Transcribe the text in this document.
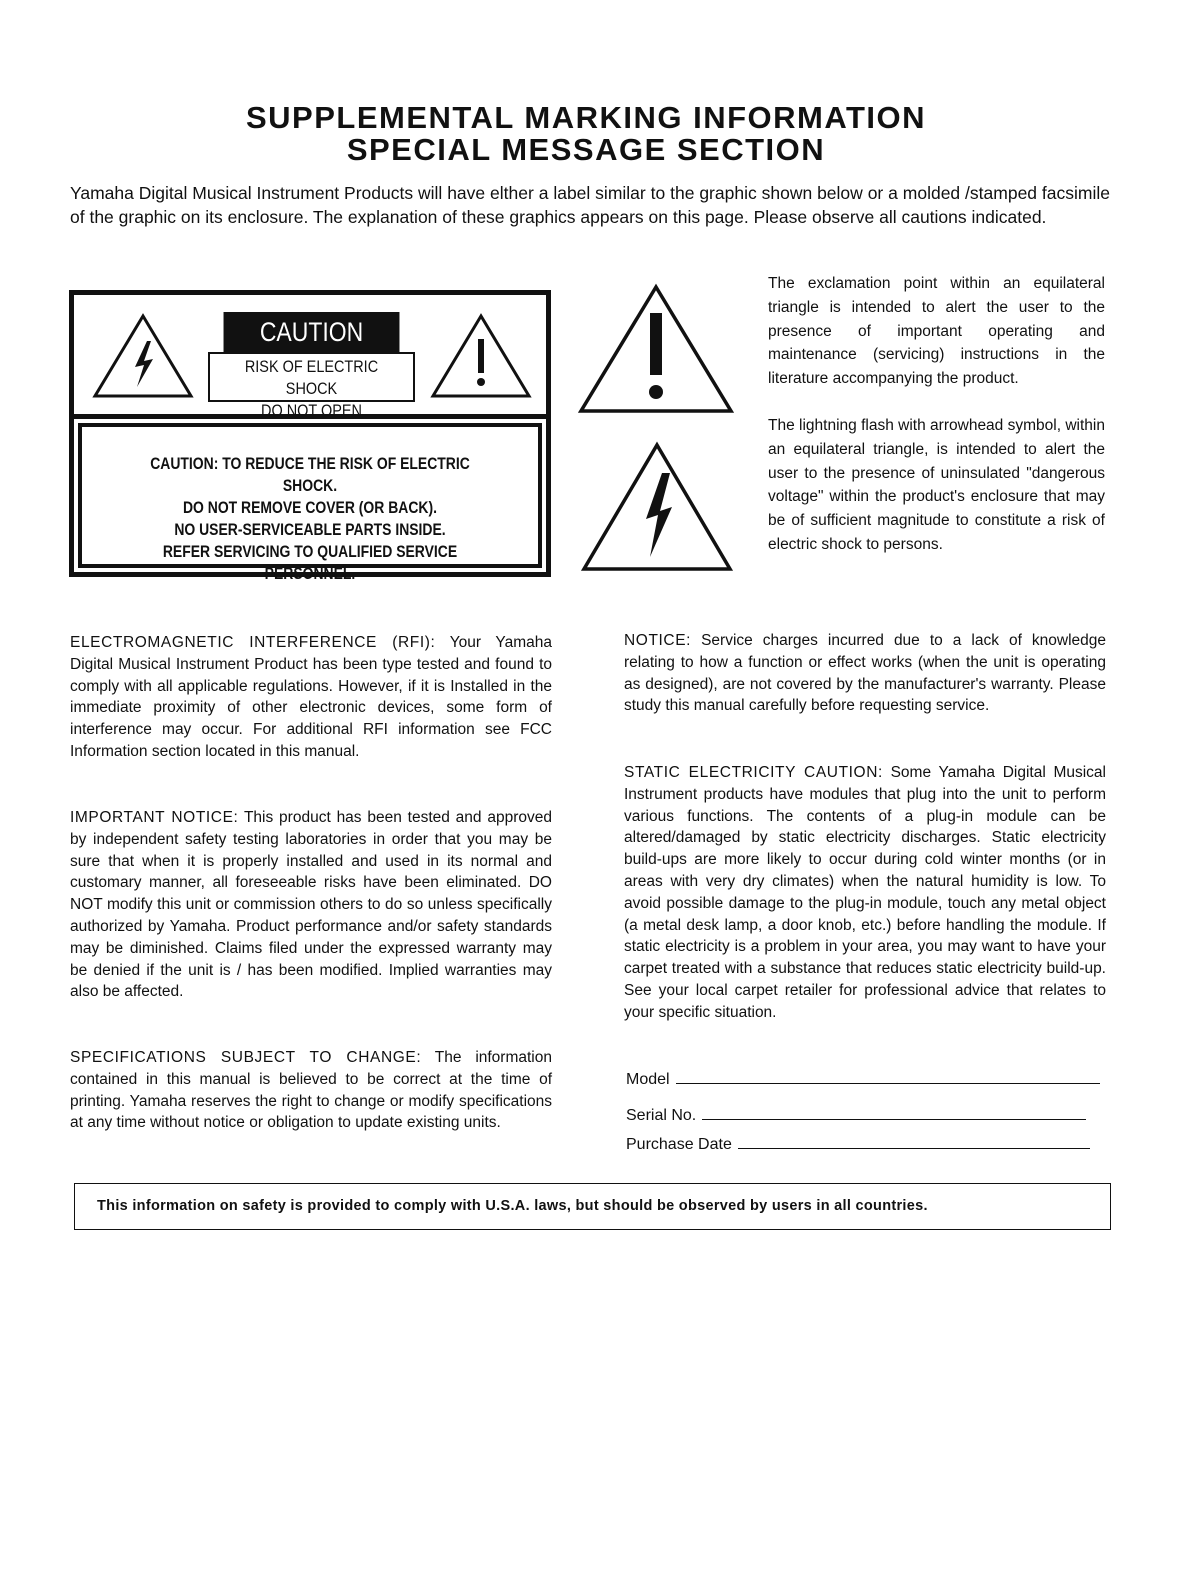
SUPPLEMENTAL MARKING INFORMATION
SPECIAL MESSAGE SECTION
Yamaha Digital Musical Instrument Products will have elther a label similar to the graphic shown below or a molded /stamped facsimile of the graphic on its enclosure. The explanation of these graphics appears on this page. Please observe all cautions indicated.
CAUTION
RISK OF ELECTRIC SHOCK
DO NOT OPEN
CAUTION: TO REDUCE THE RISK OF ELECTRIC SHOCK.
DO NOT REMOVE COVER (OR BACK).
NO USER-SERVICEABLE PARTS INSIDE.
REFER SERVICING TO QUALIFIED SERVICE PERSONNEL.

The exclamation point within an equilateral triangle is intended to alert the user to the presence of important operating and maintenance (servicing) instructions in the literature accompanying the product.

The lightning flash with arrowhead symbol, within an equilateral triangle, is intended to alert the user to the presence of uninsulated "dangerous voltage" within the product's enclosure that may be of sufficient magnitude to constitute a risk of electric shock to persons.

ELECTROMAGNETIC INTERFERENCE (RFI): Your Yamaha Digital Musical Instrument Product has been type tested and found to comply with all applicable regulations. However, if it is Installed in the immediate proximity of other electronic devices, some form of interference may occur. For additional RFI information see FCC Information section located in this manual.

IMPORTANT NOTICE: This product has been tested and approved by independent safety testing laboratories in order that you may be sure that when it is properly installed and used in its normal and customary manner, all foreseeable risks have been eliminated. DO NOT modify this unit or commission others to do so unless specifically authorized by Yamaha. Product performance and/or safety standards may be diminished. Claims filed under the expressed warranty may be denied if the unit is / has been modified. Implied warranties may also be affected.

SPECIFICATIONS SUBJECT TO CHANGE: The information contained in this manual is believed to be correct at the time of printing. Yamaha reserves the right to change or modify specifications at any time without notice or obligation to update existing units.

NOTICE: Service charges incurred due to a lack of knowledge relating to how a function or effect works (when the unit is operating as designed), are not covered by the manufacturer's warranty. Please study this manual carefully before requesting service.

STATIC ELECTRICITY CAUTION: Some Yamaha Digital Musical Instrument products have modules that plug into the unit to perform various functions. The contents of a plug-in module can be altered/damaged by static electricity discharges. Static electricity build-ups are more likely to occur during cold winter months (or in areas with very dry climates) when the natural humidity is low. To avoid possible damage to the plug-in module, touch any metal object (a metal desk lamp, a door knob, etc.) before handling the module. If static electricity is a problem in your area, you may want to have your carpet treated with a substance that reduces static electricity build-up. See your local carpet retailer for professional advice that relates to your specific situation.

Model
Serial No.
Purchase Date
This information on safety is provided to comply with U.S.A. laws, but should be observed by users in all countries.
